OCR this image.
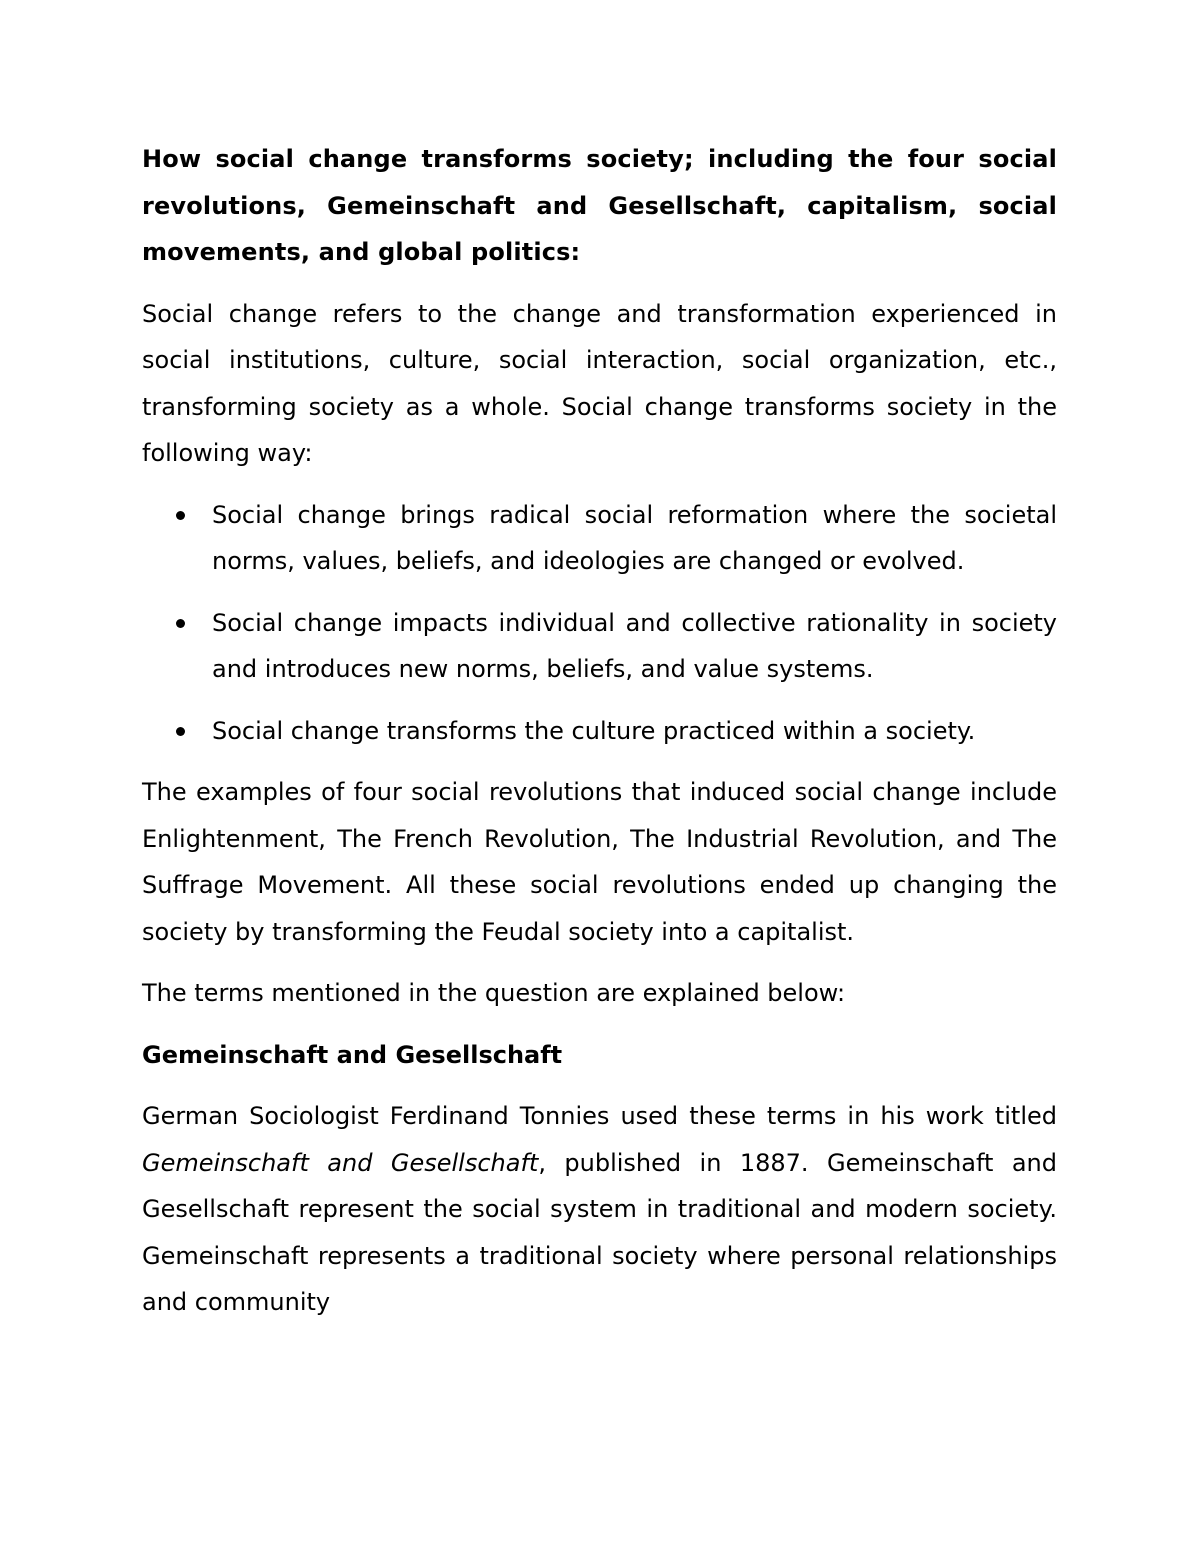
How social change transforms society; including the four social revolutions, Gemeinschaft and Gesellschaft, capitalism, social movements, and global politics:

Social change refers to the change and transformation experienced in social institutions, culture, social interaction, social organization, etc., transforming society as a whole. Social change transforms society in the following way:

Social change brings radical social reformation where the societal norms, values, beliefs, and ideologies are changed or evolved.
Social change impacts individual and collective rationality in society and introduces new norms, beliefs, and value systems.
Social change transforms the culture practiced within a society.

The examples of four social revolutions that induced social change include Enlightenment, The French Revolution, The Industrial Revolution, and The Suffrage Movement. All these social revolutions ended up changing the society by transforming the Feudal society into a capitalist.

The terms mentioned in the question are explained below:

Gemeinschaft and Gesellschaft

German Sociologist Ferdinand Tonnies used these terms in his work titled Gemeinschaft and Gesellschaft, published in 1887. Gemeinschaft and Gesellschaft represent the social system in traditional and modern society. Gemeinschaft represents a traditional society where personal relationships and community
